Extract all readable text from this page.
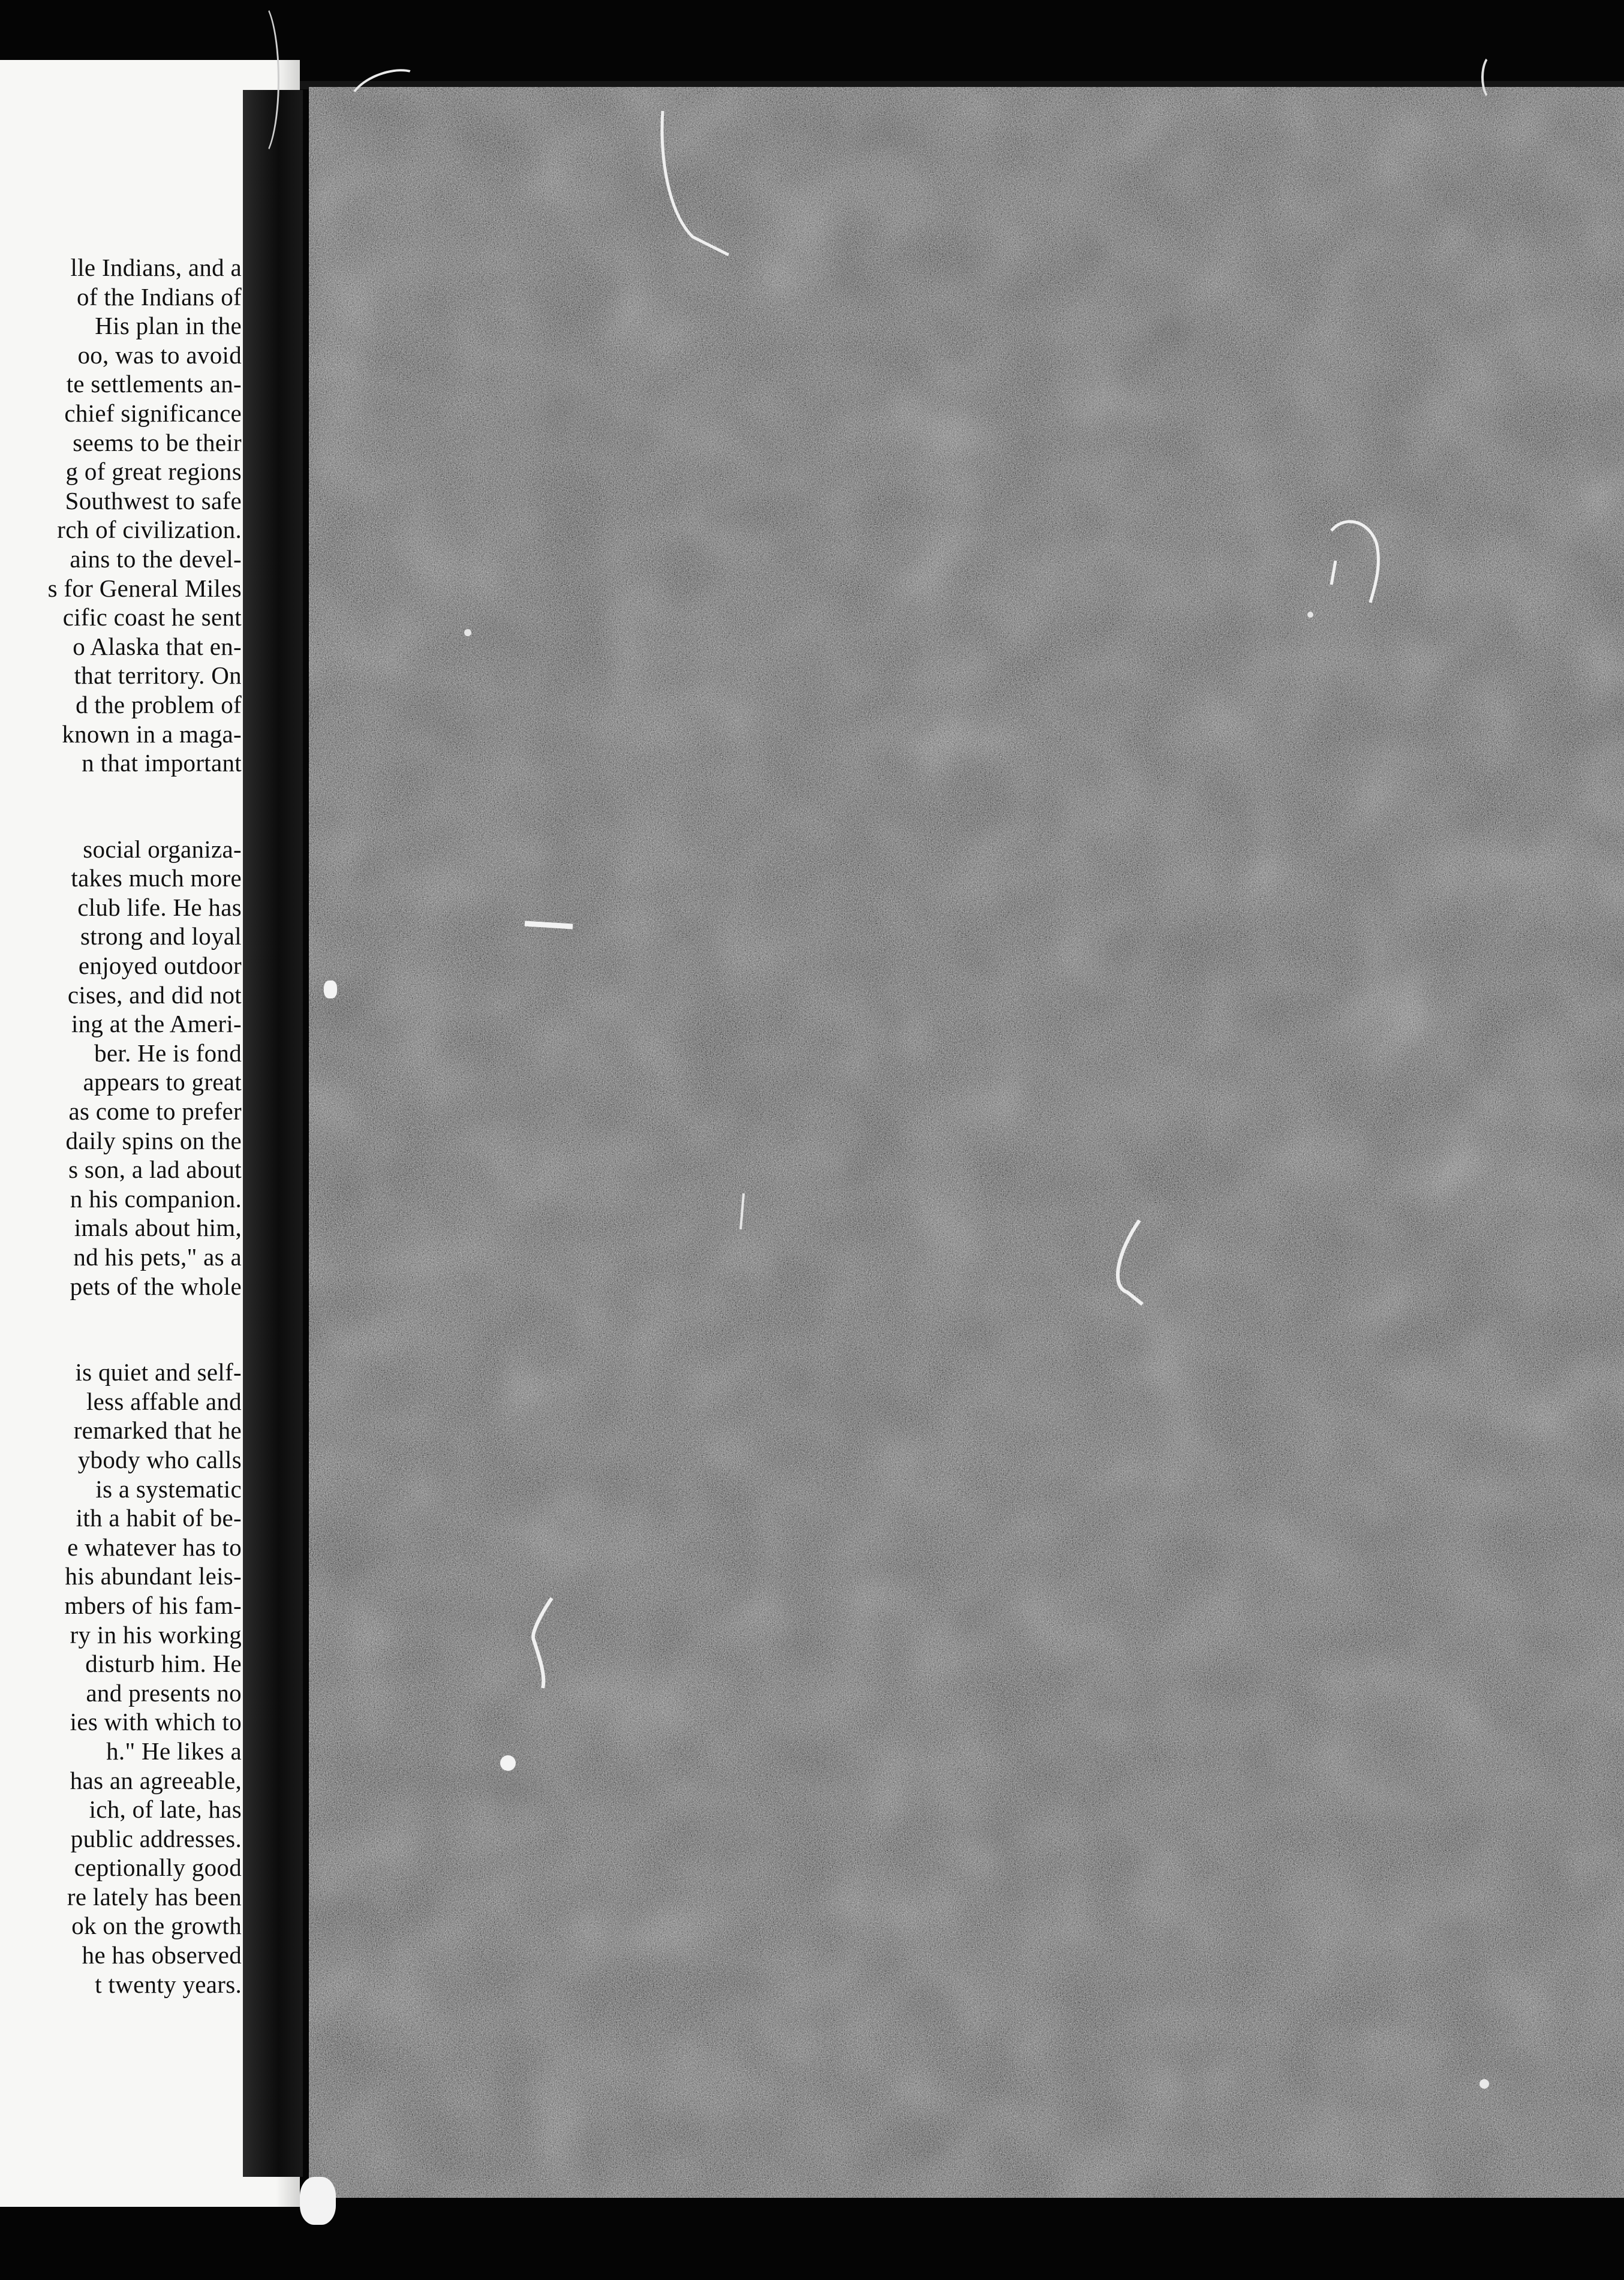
lle Indians, and a
of the Indians of
His plan in the
oo, was to avoid
te settlements an-
chief significance
seems to be their
g of great regions
Southwest to safe
rch of civilization.
ains to the devel-
s for General Miles
cific coast he sent
o Alaska that en-
that territory. On
d the problem of
known in a maga-
n that important
social organiza-
takes much more
club life. He has
strong and loyal
enjoyed outdoor
cises, and did not
ing at the Ameri-
ber. He is fond
appears to great
as come to prefer
daily spins on the
s son, a lad about
n his companion.
imals about him,
nd his pets," as a
pets of the whole
is quiet and self-
less affable and
remarked that he
ybody who calls
is a systematic
ith a habit of be-
e whatever has to
his abundant leis-
mbers of his fam-
ry in his working
disturb him. He
and presents no
ies with which to
h." He likes a
has an agreeable,
ich, of late, has
public addresses.
ceptionally good
re lately has been
ok on the growth
he has observed
t twenty years.
